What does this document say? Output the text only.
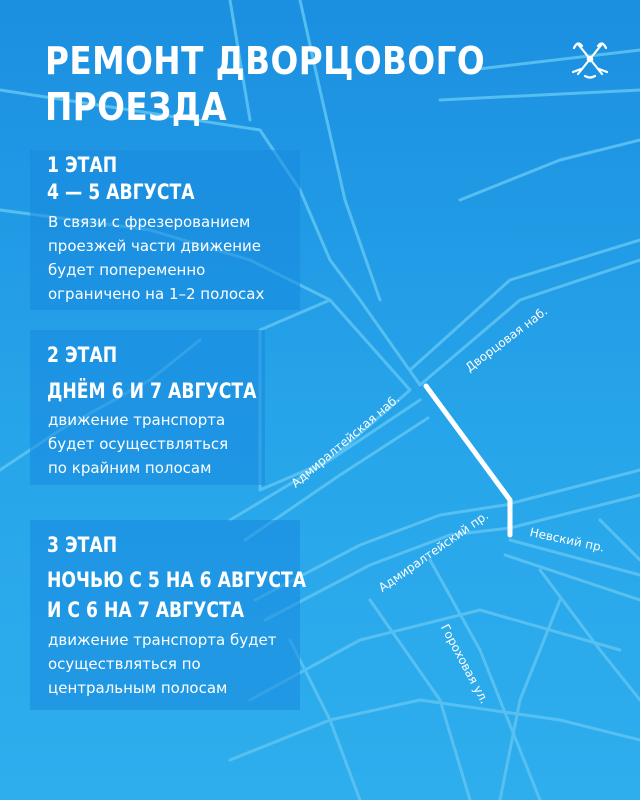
РЕМОНТ ДВОРЦОВОГО
ПРОЕЗДА
1 ЭТАП
4 — 5 АВГУСТА
В связи с фрезерованием
проезжей части движение
будет попеременно
ограничено на 1–2 полосах
2 ЭТАП
ДНЁМ 6 И 7 АВГУСТА
движение транспорта
будет осуществляться
по крайним полосам
3 ЭТАП
НОЧЬЮ С 5 НА 6 АВГУСТА
И С 6 НА 7 АВГУСТА
движение транспорта будет
осуществляться по
центральным полосам
Дворцовая наб.
Адмиралтейская наб.
Адмиралтейский пр.	Невский пр.
Гороховая ул.
